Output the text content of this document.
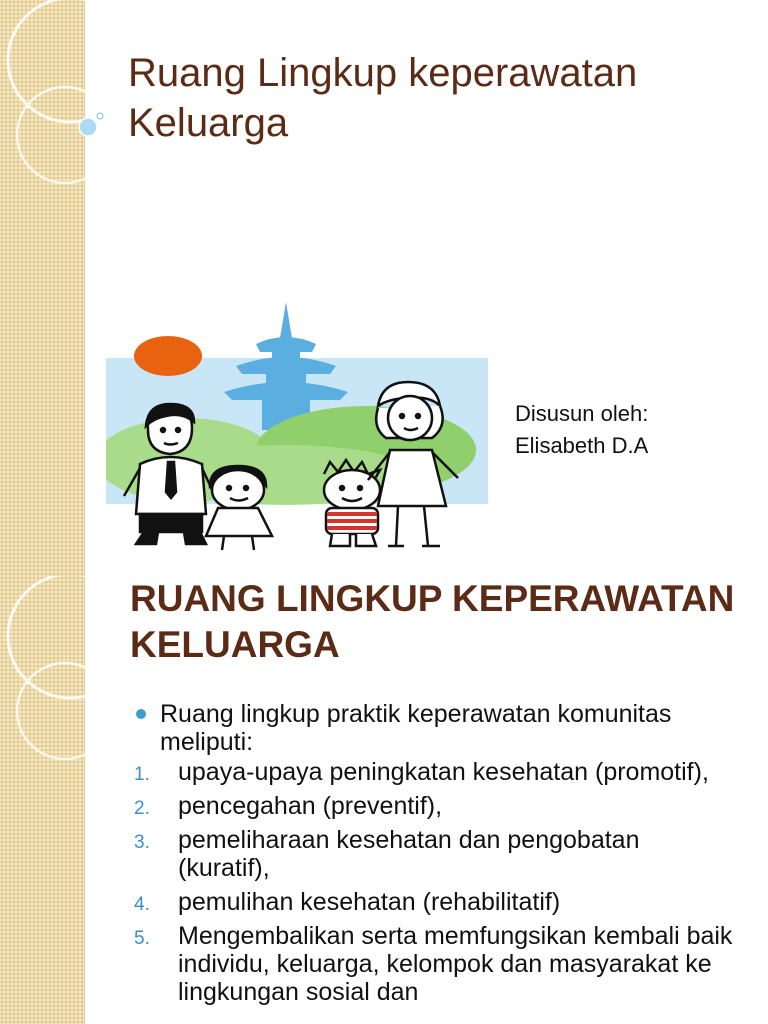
Ruang Lingkup keperawatan Keluarga
Disusun oleh:
Elisabeth D.A
RUANG LINGKUP KEPERAWATAN KELUARGA
Ruang lingkup praktik keperawatan komunitas meliputi:
1. upaya-upaya peningkatan kesehatan (promotif),
2. pencegahan (preventif),
3. pemeliharaan kesehatan dan pengobatan (kuratif),
4. pemulihan kesehatan (rehabilitatif)
5. Mengembalikan serta memfungsikan kembali baik individu, keluarga, kelompok dan masyarakat ke lingkungan sosial dan
